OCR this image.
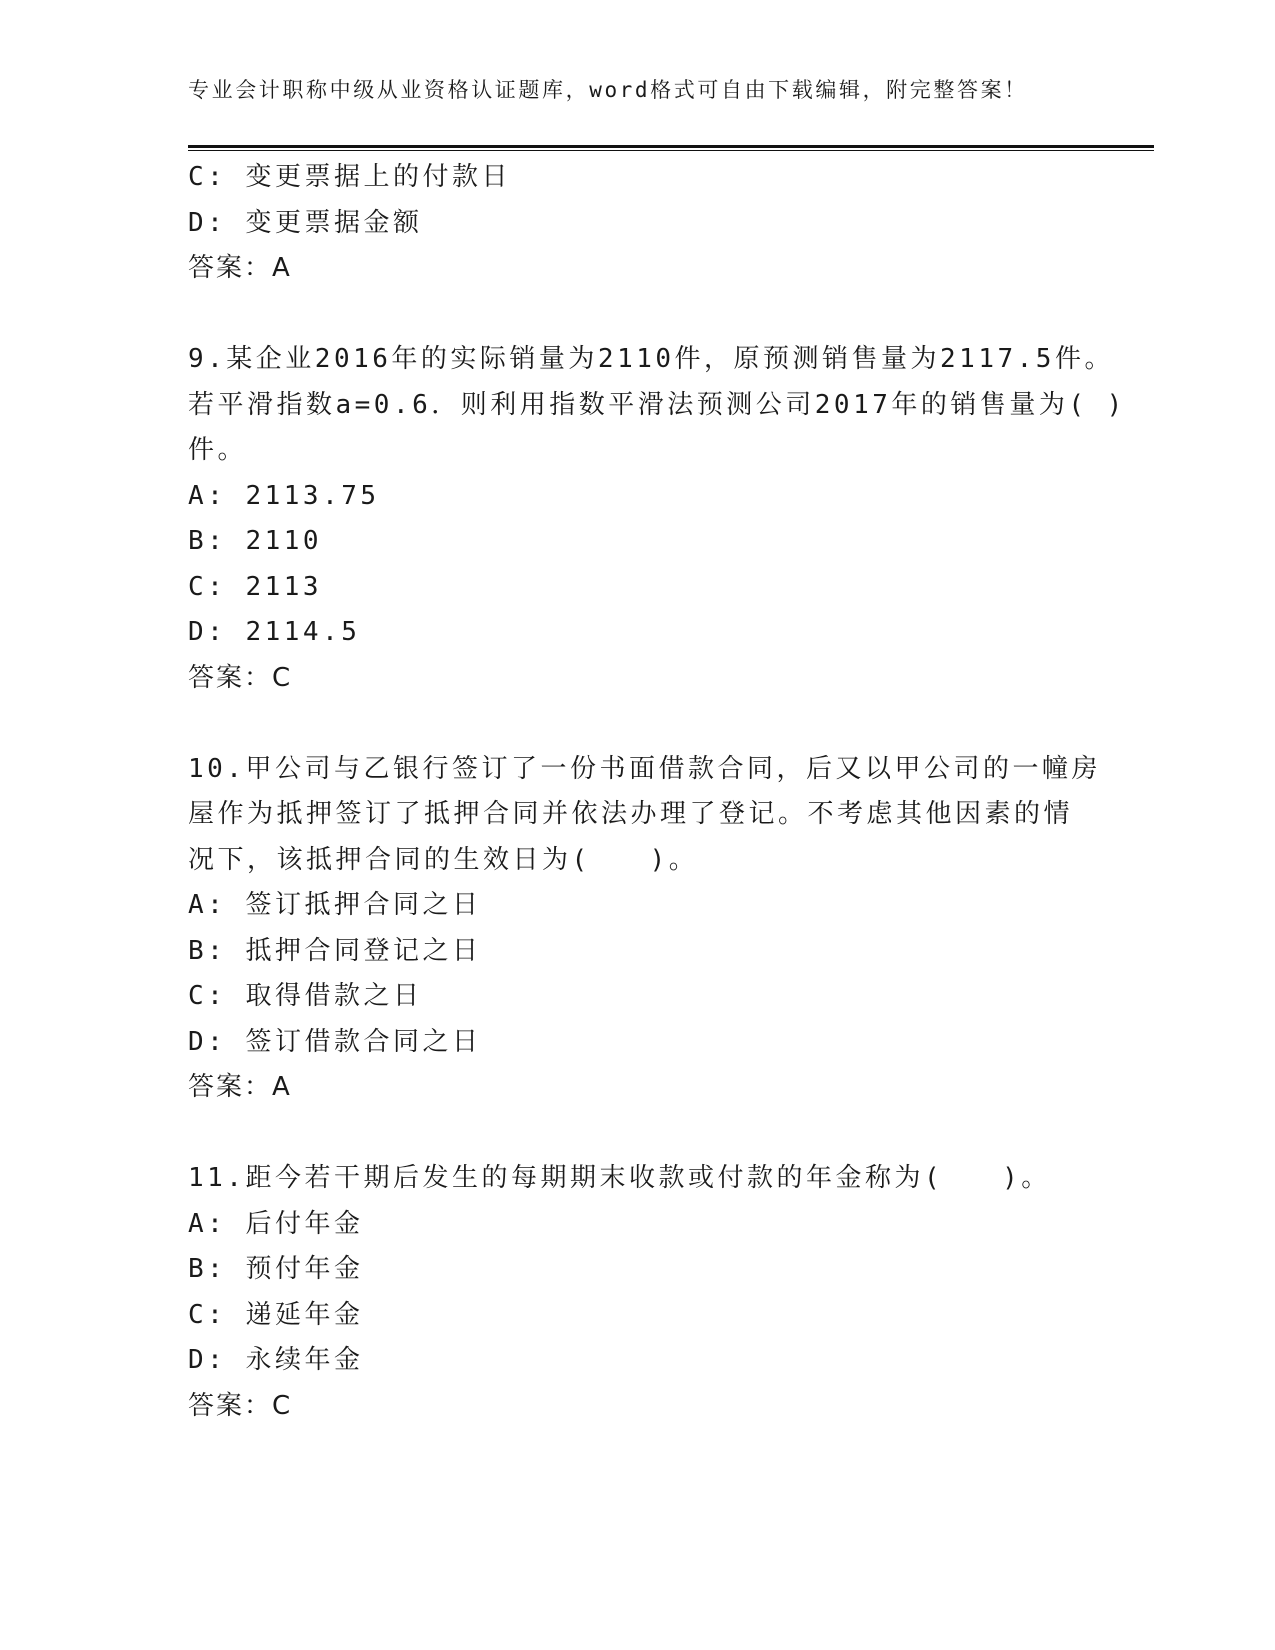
专业会计职称中级从业资格认证题库，word格式可自由下载编辑，附完整答案！
C: 变更票据上的付款日
D: 变更票据金额
答案：A
9.某企业2016年的实际销量为2110件，原预测销售量为2117.5件。
若平滑指数a=0.6．则利用指数平滑法预测公司2017年的销售量为( )
件。
A: 2113.75
B: 2110
C: 2113
D: 2114.5
答案：C
10.甲公司与乙银行签订了一份书面借款合同，后又以甲公司的一幢房
屋作为抵押签订了抵押合同并依法办理了登记。不考虑其他因素的情
况下，该抵押合同的生效日为(　　)。
A: 签订抵押合同之日
B: 抵押合同登记之日
C: 取得借款之日
D: 签订借款合同之日
答案：A
11.距今若干期后发生的每期期末收款或付款的年金称为(　　)。
A: 后付年金
B: 预付年金
C: 递延年金
D: 永续年金
答案：C
